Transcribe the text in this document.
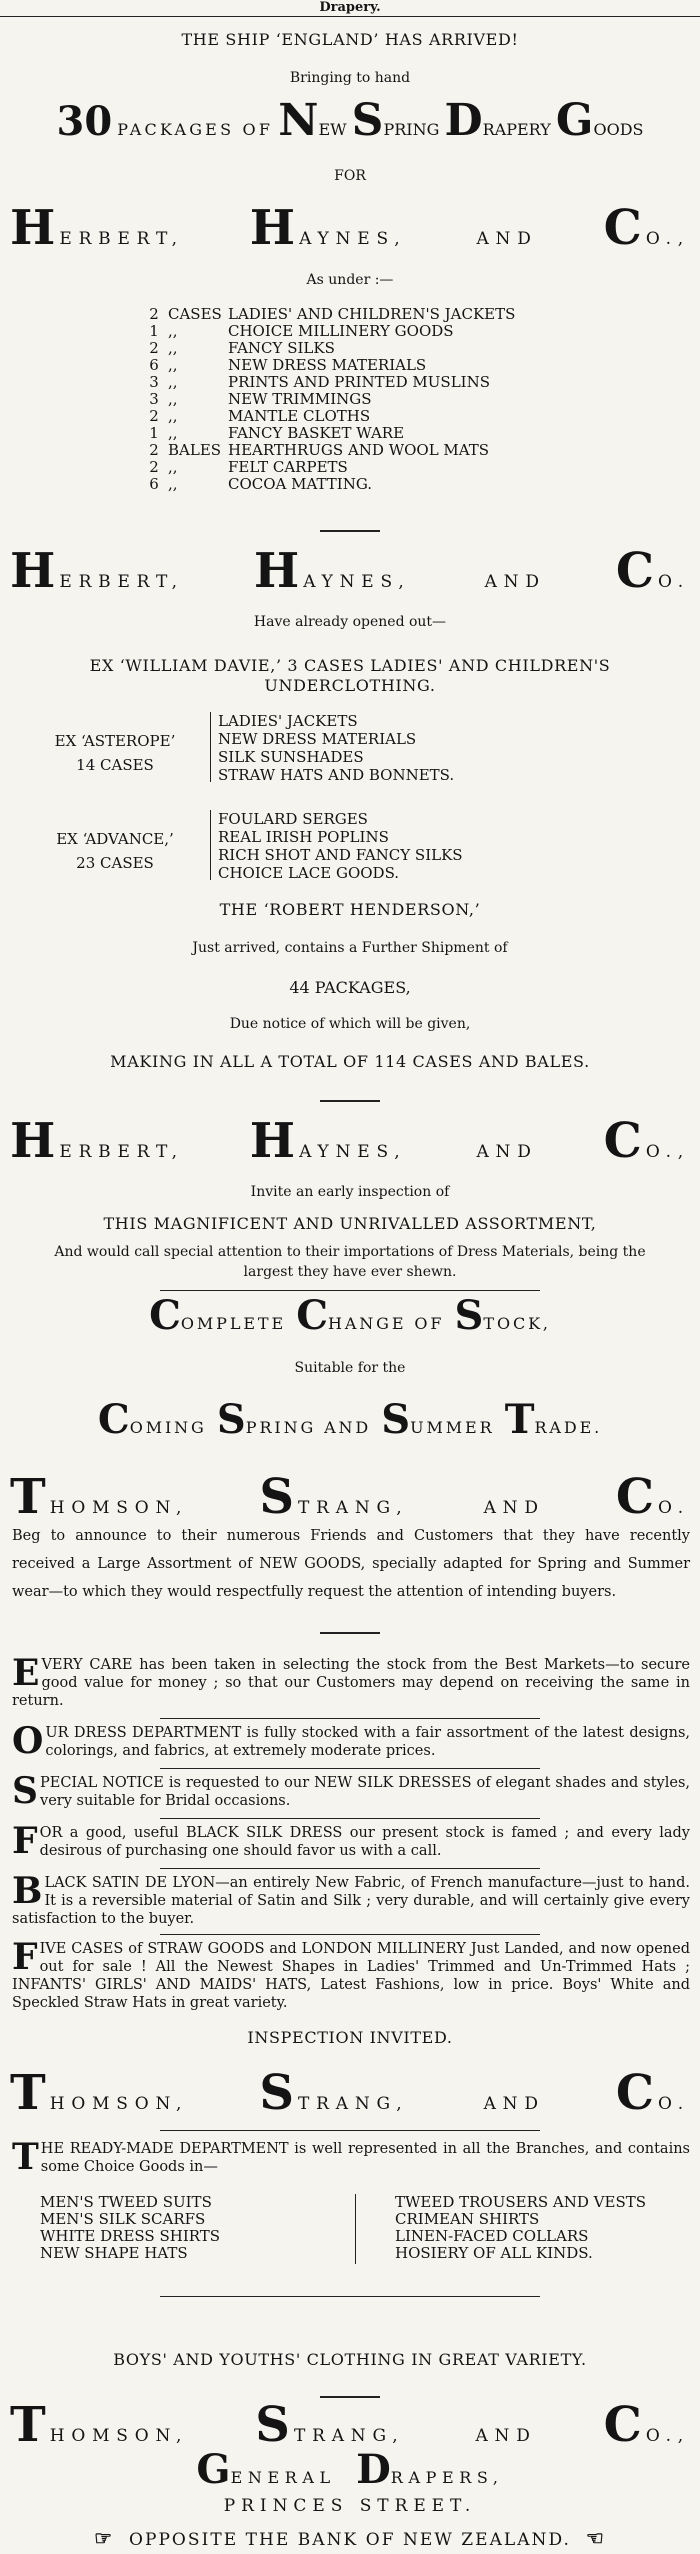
Drapery.
THE SHIP ‘ENGLAND’ HAS ARRIVED!
Bringing to hand
30 PACKAGES OF NEW SPRING DRAPERY GOODS
FOR
H ERBERT, H AYNES,	AND C O.,
As under :—
2 CASES LADIES' AND CHILDREN'S JACKETS
1 ,,	CHOICE MILLINERY GOODS
2 ,,	FANCY SILKS
6 ,,	NEW DRESS MATERIALS
3 ,,	PRINTS AND PRINTED MUSLINS
3 ,,	NEW TRIMMINGS
2 ,,	MANTLE CLOTHS
1 ,,	FANCY BASKET WARE
2 BALES HEARTHRUGS AND WOOL MATS
2 ,,	FELT CARPETS
6 ,,	COCOA MATTING.
H ERBERT, H AYNES,	AND C O.
Have already opened out—
EX ‘WILLIAM DAVIE,’ 3 CASES LADIES' AND CHILDREN'S
UNDERCLOTHING.
EX ‘ASTEROPE’
14 CASES
LADIES' JACKETS
NEW DRESS MATERIALS
SILK SUNSHADES
STRAW HATS AND BONNETS.
EX ‘ADVANCE,’
23 CASES
FOULARD SERGES
REAL IRISH POPLINS
RICH SHOT AND FANCY SILKS
CHOICE LACE GOODS.
THE ‘ROBERT HENDERSON,’
Just arrived, contains a Further Shipment of
44 PACKAGES,
Due notice of which will be given,
MAKING IN ALL A TOTAL OF 114 CASES AND BALES.
H ERBERT, H AYNES,	AND C O.,
Invite an early inspection of
THIS MAGNIFICENT AND UNRIVALLED ASSORTMENT,
And would call special attention to their importations of Dress Materials, being the
largest they have ever shewn.
COMPLETE CHANGE OF STOCK,
Suitable for the
COMING SPRING AND SUMMER TRADE.
T HOMSON, S TRANG,	AND C O.
Beg to announce to their numerous Friends and Customers that they have recently received a Large Assortment of NEW GOODS, specially adapted for Spring and Summer wear—to which they would respectfully request the attention of intending buyers.
EVERY CARE has been taken in selecting the stock from the Best Markets—to secure good value for money ; so that our Customers may depend on receiving the same in return.
OUR DRESS DEPARTMENT is fully stocked with a fair assortment of the latest designs, colorings, and fabrics, at extremely moderate prices.
SPECIAL NOTICE is requested to our NEW SILK DRESSES of elegant shades and styles, very suitable for Bridal occasions.
FOR a good, useful BLACK SILK DRESS our present stock is famed ; and every lady desirous of purchasing one should favor us with a call.
BLACK SATIN DE LYON—an entirely New Fabric, of French manufacture—just to hand. It is a reversible material of Satin and Silk ; very durable, and will certainly give every satisfaction to the buyer.
FIVE CASES of STRAW GOODS and LONDON MILLINERY Just Landed, and now opened out for sale ! All the Newest Shapes in Ladies' Trimmed and Un-Trimmed Hats ; INFANTS' GIRLS' AND MAIDS' HATS, Latest Fashions, low in price. Boys' White and Speckled Straw Hats in great variety.
INSPECTION INVITED.
T HOMSON, S TRANG,	AND C O.
THE READY-MADE DEPARTMENT is well represented in all the Branches, and contains some Choice Goods in—
MEN'S TWEED SUITS
MEN'S SILK SCARFS
WHITE DRESS SHIRTS
NEW SHAPE HATS
TWEED TROUSERS AND VESTS
CRIMEAN SHIRTS
LINEN-FACED COLLARS
HOSIERY OF ALL KINDS.
BOYS' AND YOUTHS' CLOTHING IN GREAT VARIETY.
T HOMSON, S TRANG,	AND C O.,
GENERAL DRAPERS,
PRINCES STREET.
☞ OPPOSITE THE BANK OF NEW ZEALAND. ☜
